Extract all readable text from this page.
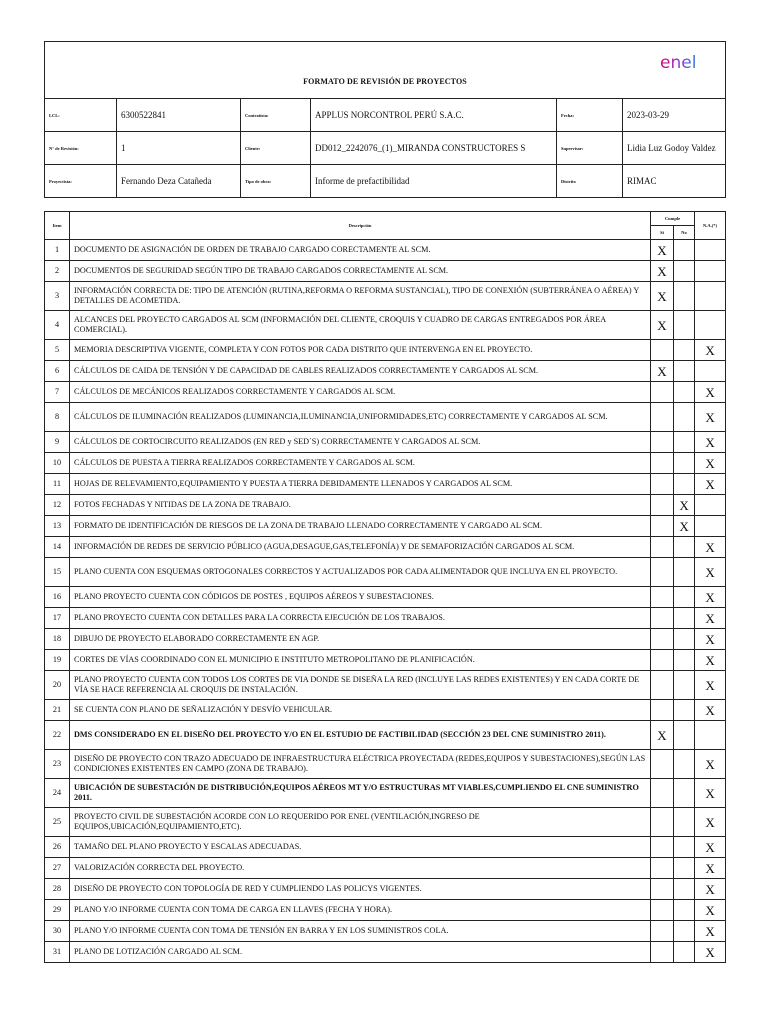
FORMATO DE REVISIÓN DE PROYECTOS
enel					

LCL:	6300522841	Contratista:	APPLUS NORCONTROL PERÚ S.A.C.	Fecha:	2023-03-29
N° de Revisión:	1	Cliente:	DD012_2242076_(1)_MIRANDA CONSTRUCTORES S	Supervisor:	Lidia Luz Godoy Valdez
Proyectista:	Fernando Deza Catañeda	Tipo de obra:	Informe de prefactibilidad	Distrito	RIMAC
Item	Descripción	Cumple		N.A.(*)
		Si	No	
1	DOCUMENTO DE ASIGNACIÓN DE ORDEN DE TRABAJO CARGADO CORECTAMENTE AL SCM.	X		
2	DOCUMENTOS DE SEGURIDAD SEGÚN TIPO DE TRABAJO CARGADOS CORRECTAMENTE AL SCM.	X		
3	INFORMACIÓN CORRECTA DE: TIPO DE ATENCIÓN (RUTINA,REFORMA O REFORMA SUSTANCIAL), TIPO DE CONEXIÓN (SUBTERRÁNEA O AÉREA) Y DETALLES DE ACOMETIDA.	X		
4	ALCANCES DEL PROYECTO CARGADOS AL SCM (INFORMACIÓN DEL CLIENTE, CROQUIS Y CUADRO DE CARGAS ENTREGADOS POR ÁREA COMERCIAL).	X		
5	MEMORIA DESCRIPTIVA VIGENTE, COMPLETA Y CON FOTOS POR CADA DISTRITO QUE INTERVENGA EN EL PROYECTO.			X
6	CÁLCULOS DE CAIDA DE TENSIÓN Y DE CAPACIDAD DE CABLES REALIZADOS CORRECTAMENTE Y CARGADOS AL SCM.	X		
7	CÁLCULOS DE MECÁNICOS REALIZADOS CORRECTAMENTE Y CARGADOS AL SCM.			X
8	CÁLCULOS DE ILUMINACIÓN REALIZADOS (LUMINANCIA,ILUMINANCIA,UNIFORMIDADES,ETC) CORRECTAMENTE Y CARGADOS AL SCM.			X
9	CÁLCULOS DE CORTOCIRCUITO REALIZADOS (EN RED y SED´S) CORRECTAMENTE Y CARGADOS AL SCM.			X
10	CÁLCULOS DE PUESTA A TIERRA REALIZADOS CORRECTAMENTE Y CARGADOS AL SCM.			X
11	HOJAS DE RELEVAMIENTO,EQUIPAMIENTO Y PUESTA A TIERRA DEBIDAMENTE LLENADOS Y CARGADOS AL SCM.			X
12	FOTOS FECHADAS Y NITIDAS DE LA ZONA DE TRABAJO.		X	
13	FORMATO DE IDENTIFICACIÓN DE RIESGOS DE LA ZONA DE TRABAJO LLENADO CORRECTAMENTE Y CARGADO AL SCM.		X	
14	INFORMACIÓN DE REDES DE SERVICIO PÚBLICO (AGUA,DESAGUE,GAS,TELEFONÍA) Y DE SEMAFORIZACIÓN CARGADOS AL SCM.			X
15	PLANO CUENTA CON ESQUEMAS ORTOGONALES CORRECTOS Y ACTUALIZADOS POR CADA ALIMENTADOR QUE INCLUYA EN EL PROYECTO.			X
16	PLANO PROYECTO CUENTA CON CÓDIGOS DE POSTES , EQUIPOS AÉREOS Y SUBESTACIONES.			X
17	PLANO PROYECTO CUENTA CON DETALLES PARA LA CORRECTA EJECUCIÓN DE LOS TRABAJOS.			X
18	DIBUJO DE PROYECTO ELABORADO CORRECTAMENTE EN AGP.			X
19	CORTES DE VÍAS COORDINADO CON EL MUNICIPIO E INSTITUTO METROPOLITANO DE PLANIFICACIÓN.			X
20	PLANO PROYECTO CUENTA CON TODOS LOS CORTES DE VIA DONDE SE DISEÑA LA RED (INCLUYE LAS REDES EXISTENTES) Y EN CADA CORTE DE VÍA SE HACE REFERENCIA AL CROQUIS DE INSTALACIÓN.			X
21	SE CUENTA CON PLANO DE SEÑALIZACIÓN Y DESVÍO VEHICULAR.			X
22	DMS CONSIDERADO EN EL DISEÑO DEL PROYECTO Y/O EN EL ESTUDIO DE FACTIBILIDAD (SECCIÓN 23 DEL CNE SUMINISTRO 2011).	X		
23	DISEÑO DE PROYECTO CON TRAZO ADECUADO DE INFRAESTRUCTURA ELÉCTRICA PROYECTADA (REDES,EQUIPOS Y SUBESTACIONES),SEGÚN LAS CONDICIONES EXISTENTES EN CAMPO (ZONA DE TRABAJO).			X
24	UBICACIÓN DE SUBESTACIÓN DE DISTRIBUCIÓN,EQUIPOS AÉREOS MT Y/O ESTRUCTURAS MT VIABLES,CUMPLIENDO EL CNE SUMINISTRO 2011.			X
25	PROYECTO CIVIL DE SUBESTACIÓN ACORDE CON LO REQUERIDO POR ENEL (VENTILACIÓN,INGRESO DE EQUIPOS,UBICACIÓN,EQUIPAMIENTO,ETC).			X
26	TAMAÑO DEL PLANO PROYECTO Y ESCALAS ADECUADAS.			X
27	VALORIZACIÓN CORRECTA DEL PROYECTO.			X
28	DISEÑO DE PROYECTO CON TOPOLOGÍA DE RED Y CUMPLIENDO LAS POLICYS VIGENTES.			X
29	PLANO Y/O INFORME CUENTA CON TOMA DE CARGA EN LLAVES (FECHA Y HORA).			X
30	PLANO Y/O INFORME CUENTA CON TOMA DE TENSIÓN EN BARRA Y EN LOS SUMINISTROS COLA.			X
31	PLANO DE LOTIZACIÓN CARGADO AL SCM.			X
